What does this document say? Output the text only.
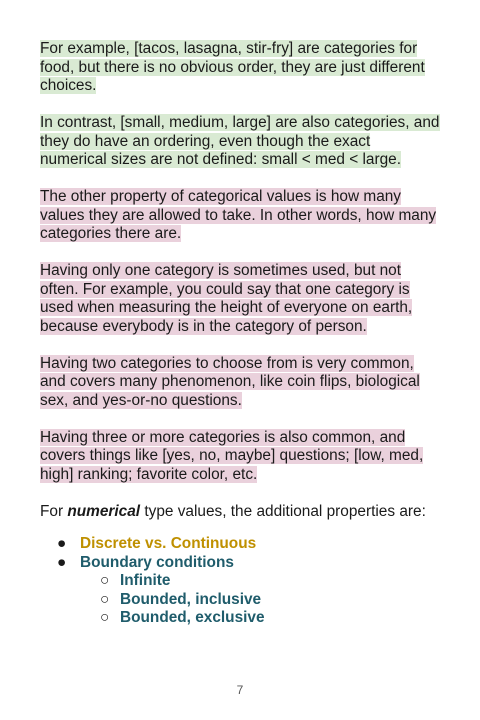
For example, [tacos, lasagna, stir-fry] are categories for food, but there is no obvious order, they are just different choices.

In contrast, [small, medium, large] are also categories, and they do have an ordering, even though the exact numerical sizes are not defined: small < med < large.

The other property of categorical values is how many values they are allowed to take. In other words, how many categories there are.

Having only one category is sometimes used, but not often. For example, you could say that one category is used when measuring the height of everyone on earth, because everybody is in the category of person.

Having two categories to choose from is very common, and covers many phenomenon, like coin flips, biological sex, and yes-or-no questions.

Having three or more categories is also common, and covers things like [yes, no, maybe] questions; [low, med, high] ranking; favorite color, etc.

For numerical type values, the additional properties are:

● Discrete vs. Continuous
● Boundary conditions
○ Infinite
○ Bounded, inclusive
○ Bounded, exclusive
7
